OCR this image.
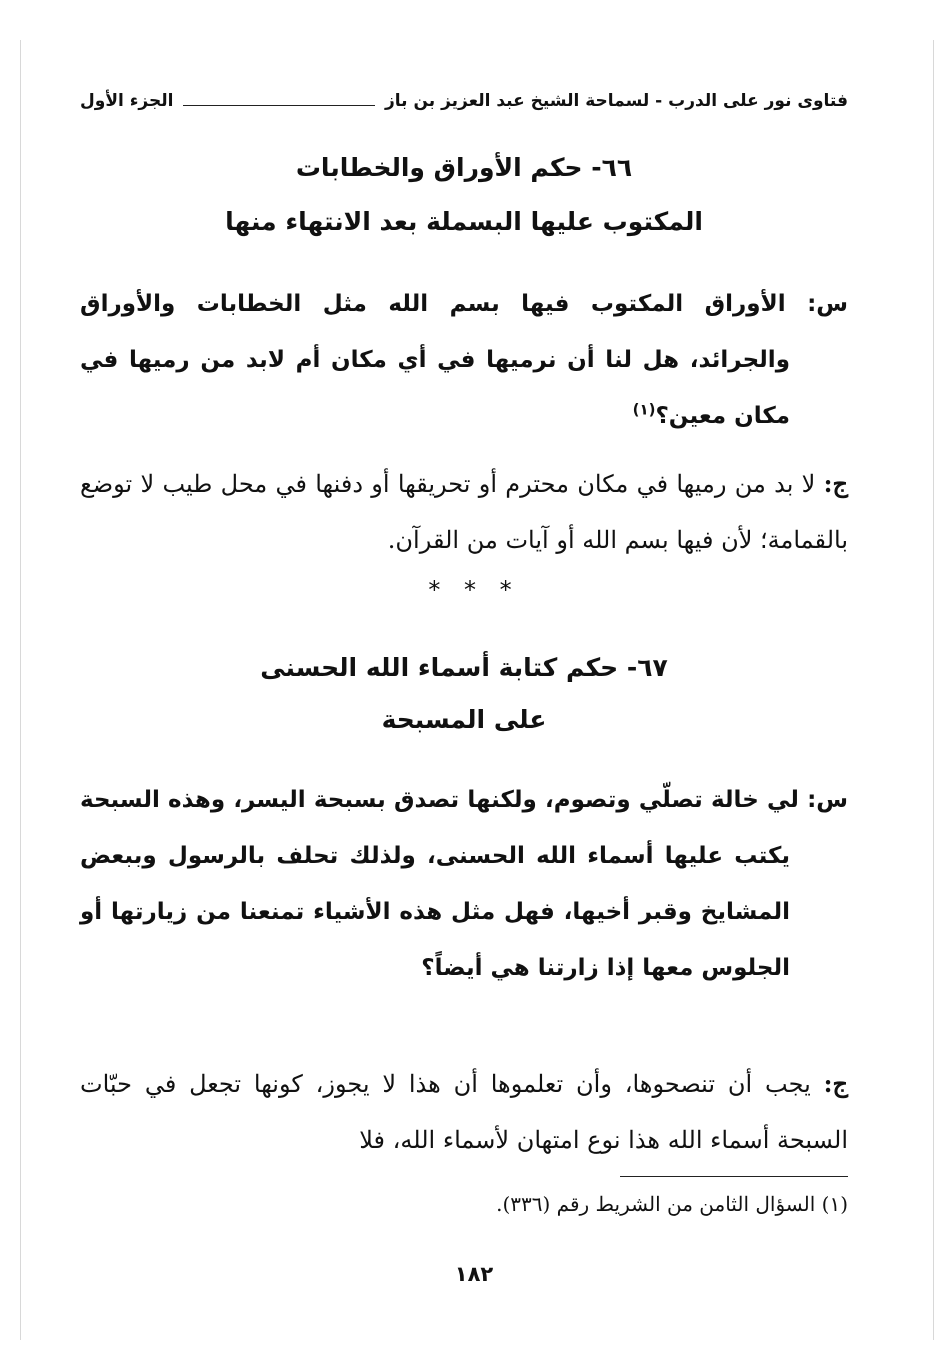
فتاوى نور على الدرب - لسماحة الشيخ عبد العزيز بن باز
الجزء الأول
٦٦- حكم الأوراق والخطابات
المكتوب عليها البسملة بعد الانتهاء منها
س: الأوراق المكتوب فيها بسم الله مثل الخطابات والأوراق والجرائد، هل لنا أن نرميها في أي مكان أم لابد من رميها في مكان معين؟$^{(١)}$
ج: لا بد من رميها في مكان محترم أو تحريقها أو دفنها في محل طيب لا توضع بالقمامة؛ لأن فيها بسم الله أو آيات من القرآن.
* * *
٦٧- حكم كتابة أسماء الله الحسنى
على المسبحة
س: لي خالة تصلّي وتصوم، ولكنها تصدق بسبحة اليسر، وهذه السبحة يكتب عليها أسماء الله الحسنى، ولذلك تحلف بالرسول وببعض المشايخ وقبر أخيها، فهل مثل هذه الأشياء تمنعنا من زيارتها أو الجلوس معها إذا زارتنا هي أيضاً؟
ج: يجب أن تنصحوها، وأن تعلموها أن هذا لا يجوز، كونها تجعل في حبّات السبحة أسماء الله هذا نوع امتهان لأسماء الله، فلا
(١) السؤال الثامن من الشريط رقم (٣٣٦).
١٨٢
